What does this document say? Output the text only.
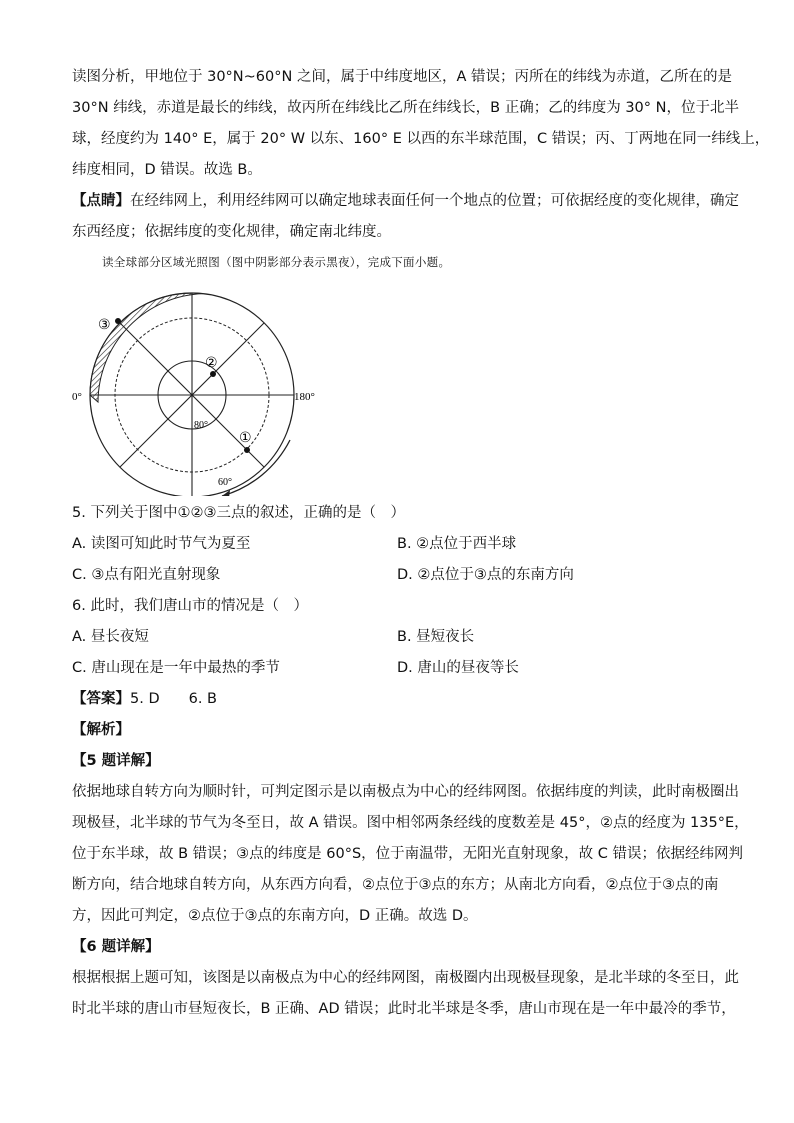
读图分析，甲地位于 30°N~60°N 之间，属于中纬度地区，A 错误；丙所在的纬线为赤道，乙所在的是

30°N 纬线，赤道是最长的纬线，故丙所在纬线比乙所在纬线长，B 正确；乙的纬度为 30° N，位于北半

球，经度约为 140° E，属于 20° W 以东、160° E 以西的东半球范围，C 错误；丙、丁两地在同一纬线上，

纬度相同，D 错误。故选 B。

【点睛】在经纬网上，利用经纬网可以确定地球表面任何一个地点的位置；可依据经度的变化规律，确定

东西经度；依据纬度的变化规律，确定南北纬度。

读全球部分区域光照图（图中阴影部分表示黑夜），完成下面小题。

0°	180°
80°
60°
①
②
③

5. 下列关于图中①②③三点的叙述，正确的是（　）

A. 读图可知此时节气为夏至	B. ②点位于西半球
C. ③点有阳光直射现象	D. ②点位于③点的东南方向

6. 此时，我们唐山市的情况是（　）

A. 昼长夜短	B. 昼短夜长
C. 唐山现在是一年中最热的季节	D. 唐山的昼夜等长

【答案】5. D　　6. B

【解析】

【5 题详解】

依据地球自转方向为顺时针，可判定图示是以南极点为中心的经纬网图。依据纬度的判读，此时南极圈出

现极昼，北半球的节气为冬至日，故 A 错误。图中相邻两条经线的度数差是 45°，②点的经度为 135°E，

位于东半球，故 B 错误；③点的纬度是 60°S，位于南温带，无阳光直射现象，故 C 错误；依据经纬网判

断方向，结合地球自转方向，从东西方向看，②点位于③点的东方；从南北方向看，②点位于③点的南

方，因此可判定，②点位于③点的东南方向，D 正确。故选 D。

【6 题详解】

根据根据上题可知，该图是以南极点为中心的经纬网图，南极圈内出现极昼现象，是北半球的冬至日，此

时北半球的唐山市昼短夜长，B 正确、AD 错误；此时北半球是冬季，唐山市现在是一年中最冷的季节，
